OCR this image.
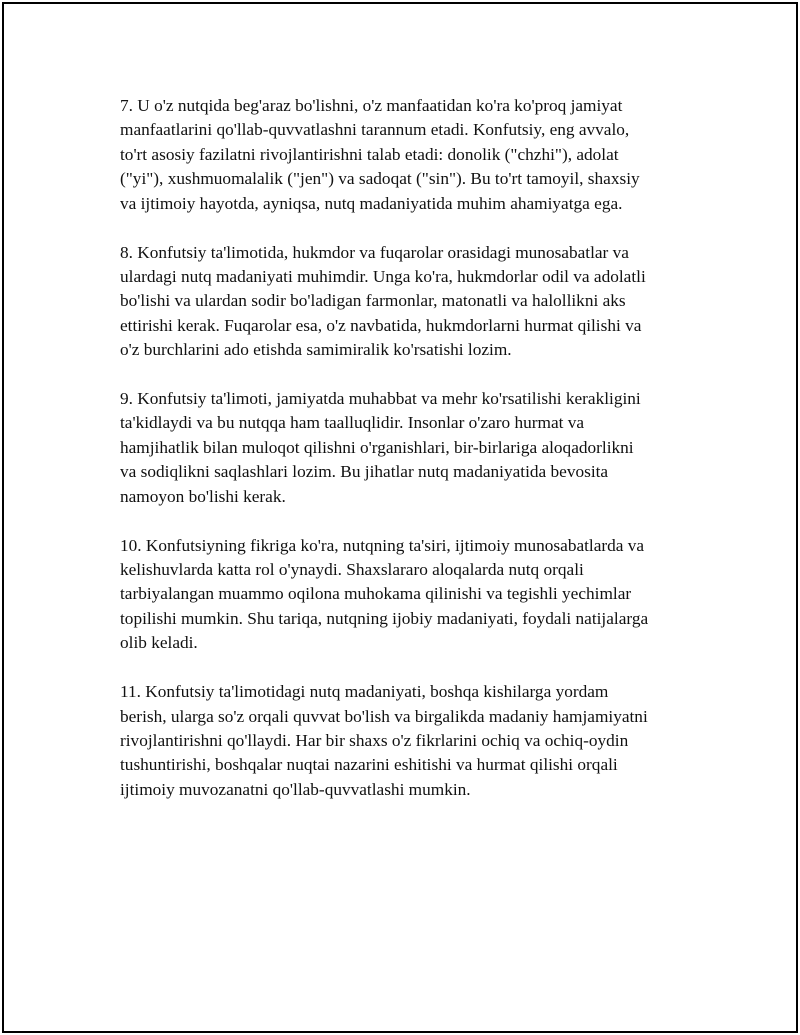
7. U o'z nutqida beg'araz bo'lishni, o'z manfaatidan ko'ra ko'proq jamiyat
manfaatlarini qo'llab-quvvatlashni tarannum etadi. Konfutsiy, eng avvalo,
to'rt asosiy fazilatni rivojlantirishni talab etadi: donolik ("chzhi"), adolat
("yi"), xushmuomalalik ("jen") va sadoqat ("sin"). Bu to'rt tamoyil, shaxsiy
va ijtimoiy hayotda, ayniqsa, nutq madaniyatida muhim ahamiyatga ega.

8. Konfutsiy ta'limotida, hukmdor va fuqarolar orasidagi munosabatlar va
ulardagi nutq madaniyati muhimdir. Unga ko'ra, hukmdorlar odil va adolatli
bo'lishi va ulardan sodir bo'ladigan farmonlar, matonatli va halollikni aks
ettirishi kerak. Fuqarolar esa, o'z navbatida, hukmdorlarni hurmat qilishi va
o'z burchlarini ado etishda samimiralik ko'rsatishi lozim.

9. Konfutsiy ta'limoti, jamiyatda muhabbat va mehr ko'rsatilishi kerakligini
ta'kidlaydi va bu nutqqa ham taalluqlidir. Insonlar o'zaro hurmat va
hamjihatlik bilan muloqot qilishni o'rganishlari, bir-birlariga aloqadorlikni
va sodiqlikni saqlashlari lozim. Bu jihatlar nutq madaniyatida bevosita
namoyon bo'lishi kerak.

10. Konfutsiyning fikriga ko'ra, nutqning ta'siri, ijtimoiy munosabatlarda va
kelishuvlarda katta rol o'ynaydi. Shaxslararo aloqalarda nutq orqali
tarbiyalangan muammo oqilona muhokama qilinishi va tegishli yechimlar
topilishi mumkin. Shu tariqa, nutqning ijobiy madaniyati, foydali natijalarga
olib keladi.

11. Konfutsiy ta'limotidagi nutq madaniyati, boshqa kishilarga yordam
berish, ularga so'z orqali quvvat bo'lish va birgalikda madaniy hamjamiyatni
rivojlantirishni qo'llaydi. Har bir shaxs o'z fikrlarini ochiq va ochiq-oydin
tushuntirishi, boshqalar nuqtai nazarini eshitishi va hurmat qilishi orqali
ijtimoiy muvozanatni qo'llab-quvvatlashi mumkin.
